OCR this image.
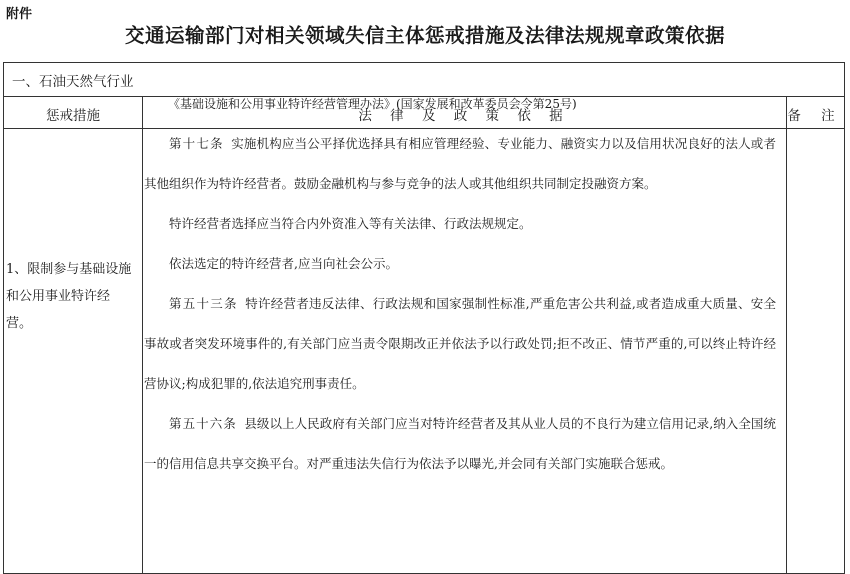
附件
交通运输部门对相关领域失信主体惩戒措施及法律法规规章政策依据
一、石油天然气行业
惩戒措施	法 律 及 政 策 依 据	备 注
1、限制参与基础设施和公用事业特许经营。

《基础设施和公用事业特许经营管理办法》(国家发展和改革委员会令第25号)

第十七条 实施机构应当公平择优选择具有相应管理经验、专业能力、融资实力以及信用状况良好的法人或者其他组织作为特许经营者。鼓励金融机构与参与竞争的法人或其他组织共同制定投融资方案。

特许经营者选择应当符合内外资准入等有关法律、行政法规规定。

依法选定的特许经营者,应当向社会公示。

第五十三条 特许经营者违反法律、行政法规和国家强制性标准,严重危害公共利益,或者造成重大质量、安全事故或者突发环境事件的,有关部门应当责令限期改正并依法予以行政处罚;拒不改正、情节严重的,可以终止特许经营协议;构成犯罪的,依法追究刑事责任。

第五十六条 县级以上人民政府有关部门应当对特许经营者及其从业人员的不良行为建立信用记录,纳入全国统一的信用信息共享交换平台。对严重违法失信行为依法予以曝光,并会同有关部门实施联合惩戒。
